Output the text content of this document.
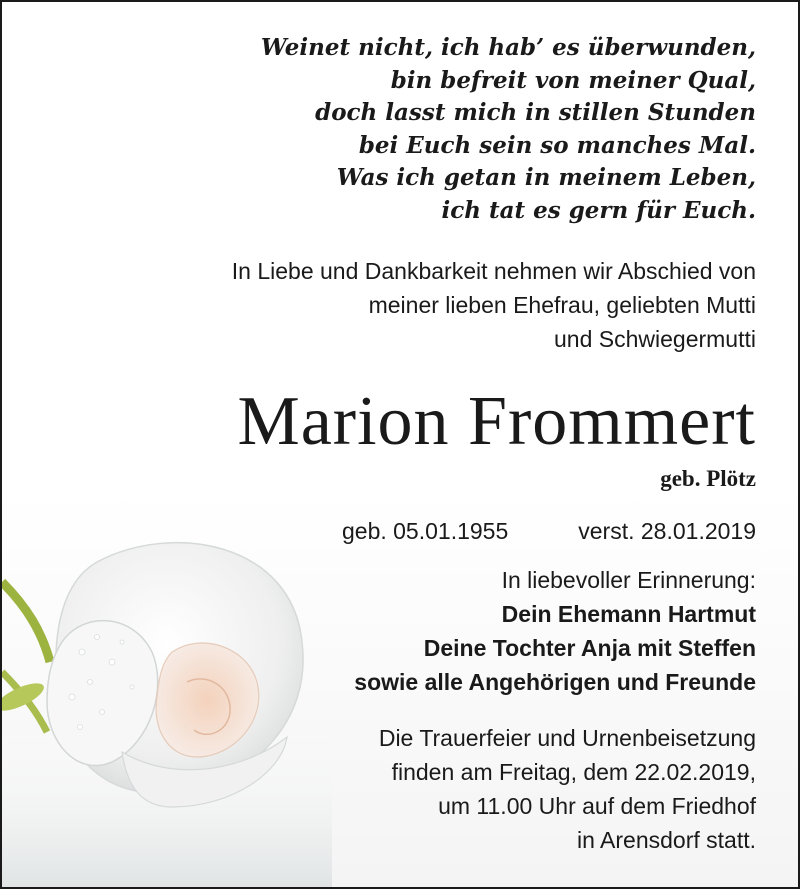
Weinet nicht, ich hab’ es überwunden,
bin befreit von meiner Qual,
doch lasst mich in stillen Stunden
bei Euch sein so manches Mal.
Was ich getan in meinem Leben,
ich tat es gern für Euch.
In Liebe und Dankbarkeit nehmen wir Abschied von
meiner lieben Ehefrau, geliebten Mutti
und Schwiegermutti
Marion Frommert
geb. Plötz
geb. 05.01.1955	verst. 28.01.2019
In liebevoller Erinnerung:
Dein Ehemann Hartmut
Deine Tochter Anja mit Steffen
sowie alle Angehörigen und Freunde
Die Trauerfeier und Urnenbeisetzung
finden am Freitag, dem 22.02.2019,
um 11.00 Uhr auf dem Friedhof
in Arensdorf statt.
